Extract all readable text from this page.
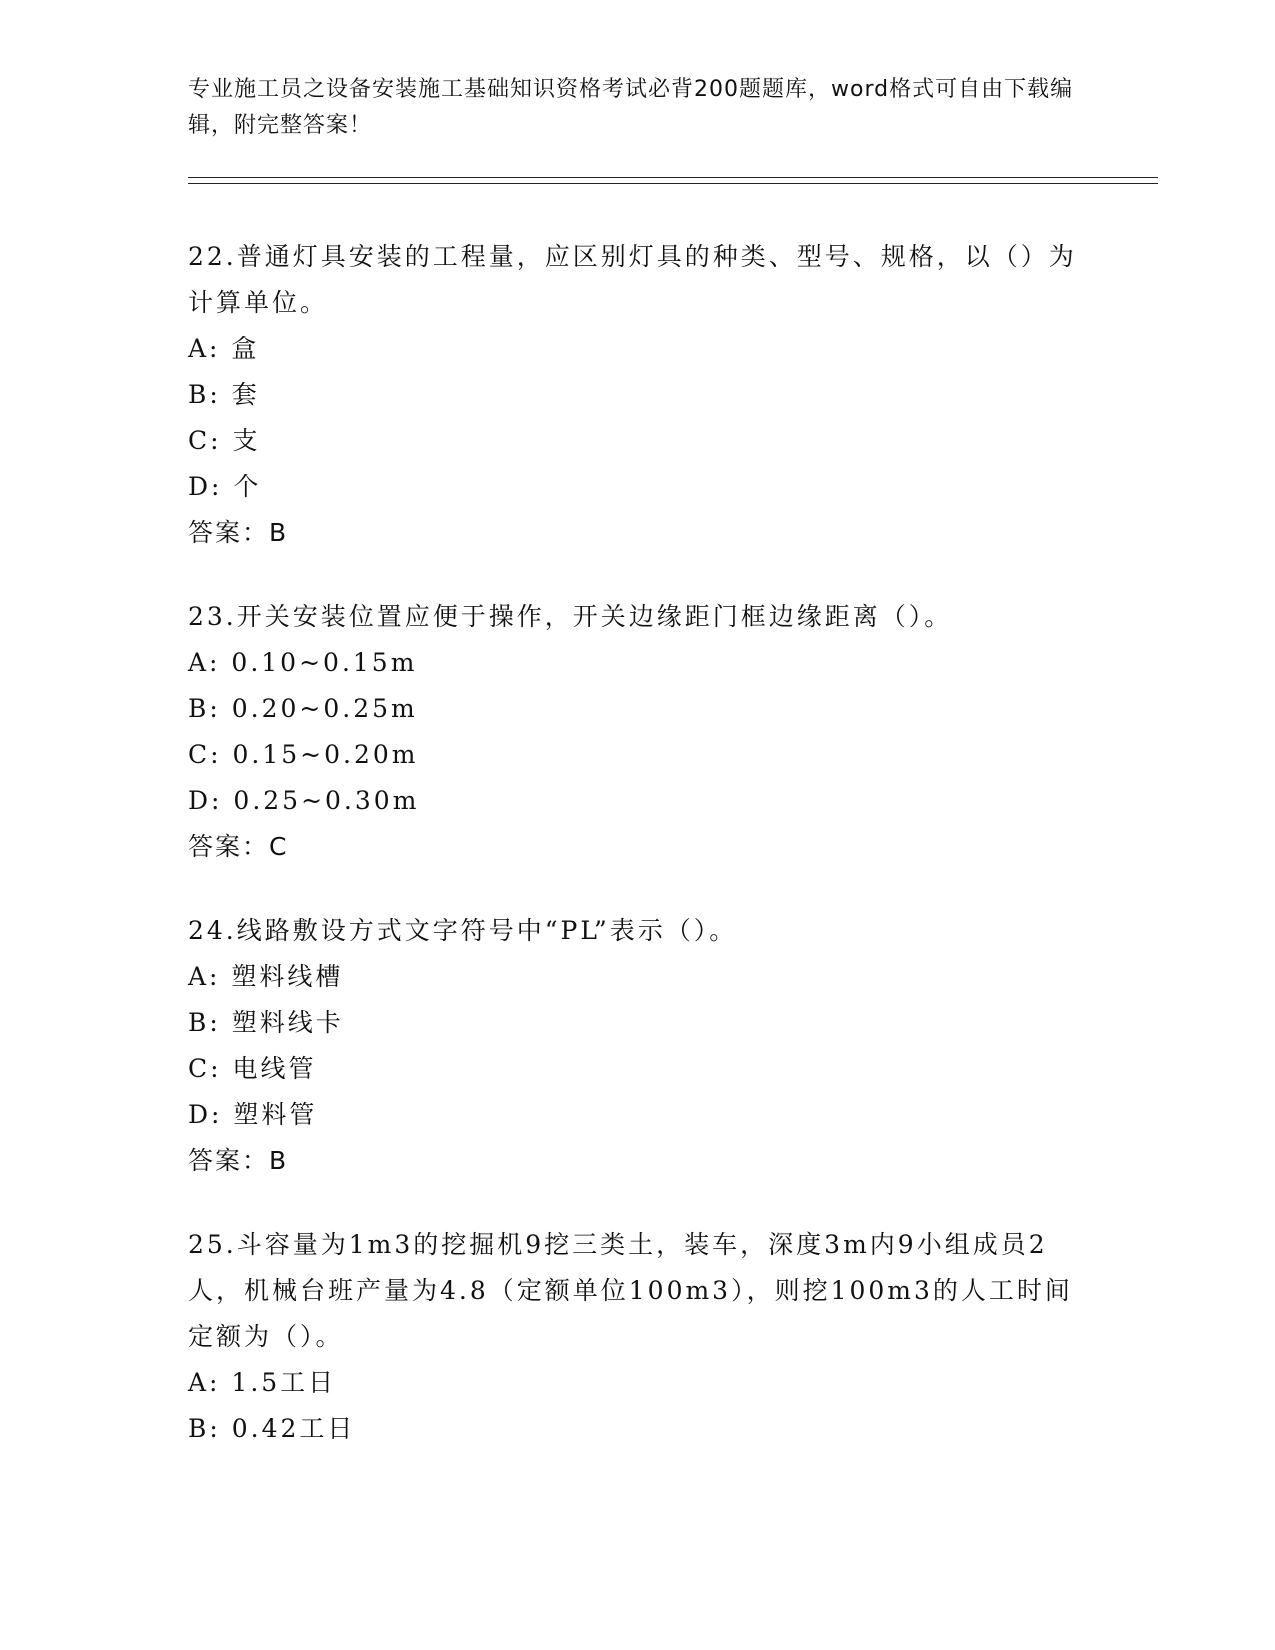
专业施工员之设备安装施工基础知识资格考试必背200题题库，word格式可自由下载编辑，附完整答案！

22.普通灯具安装的工程量，应区别灯具的种类、型号、规格，以（）为计算单位。

A: 盒

B: 套

C: 支

D: 个

答案：B

23.开关安装位置应便于操作，开关边缘距门框边缘距离（）。

A: 0.10~0.15m

B: 0.20~0.25m

C: 0.15~0.20m

D: 0.25~0.30m

答案：C

24.线路敷设方式文字符号中“PL”表示（）。

A: 塑料线槽

B: 塑料线卡

C: 电线管

D: 塑料管

答案：B

25.斗容量为1m3的挖掘机9挖三类土，装车，深度3m内9小组成员2人，机械台班产量为4.8（定额单位100m3），则挖100m3的人工时间定额为（）。

A: 1.5工日

B: 0.42工日
